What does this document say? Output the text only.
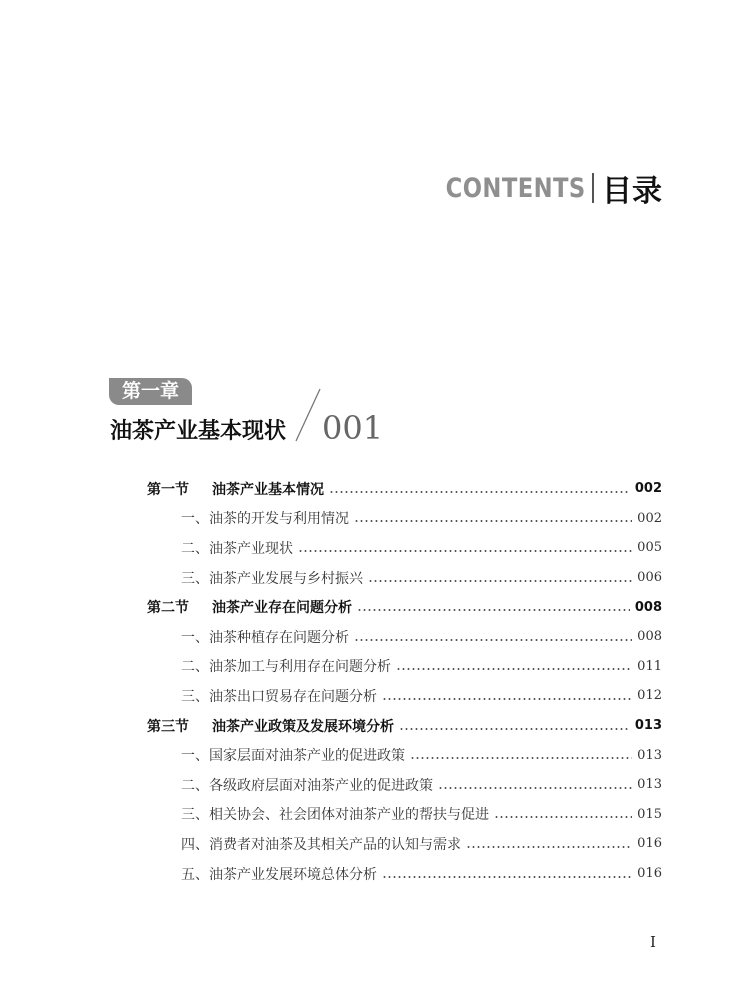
CONTENTS 目录
第一章
油茶产业基本现状 001
第一节 油茶产业基本情况	002
一、油茶的开发与利用情况	002
二、油茶产业现状	005
三、油茶产业发展与乡村振兴	006
第二节 油茶产业存在问题分析	008
一、油茶种植存在问题分析	008
二、油茶加工与利用存在问题分析	011
三、油茶出口贸易存在问题分析	012
第三节 油茶产业政策及发展环境分析	013
一、国家层面对油茶产业的促进政策	013
二、各级政府层面对油茶产业的促进政策	013
三、相关协会、社会团体对油茶产业的帮扶与促进	015
四、消费者对油茶及其相关产品的认知与需求	016
五、油茶产业发展环境总体分析	016
I
